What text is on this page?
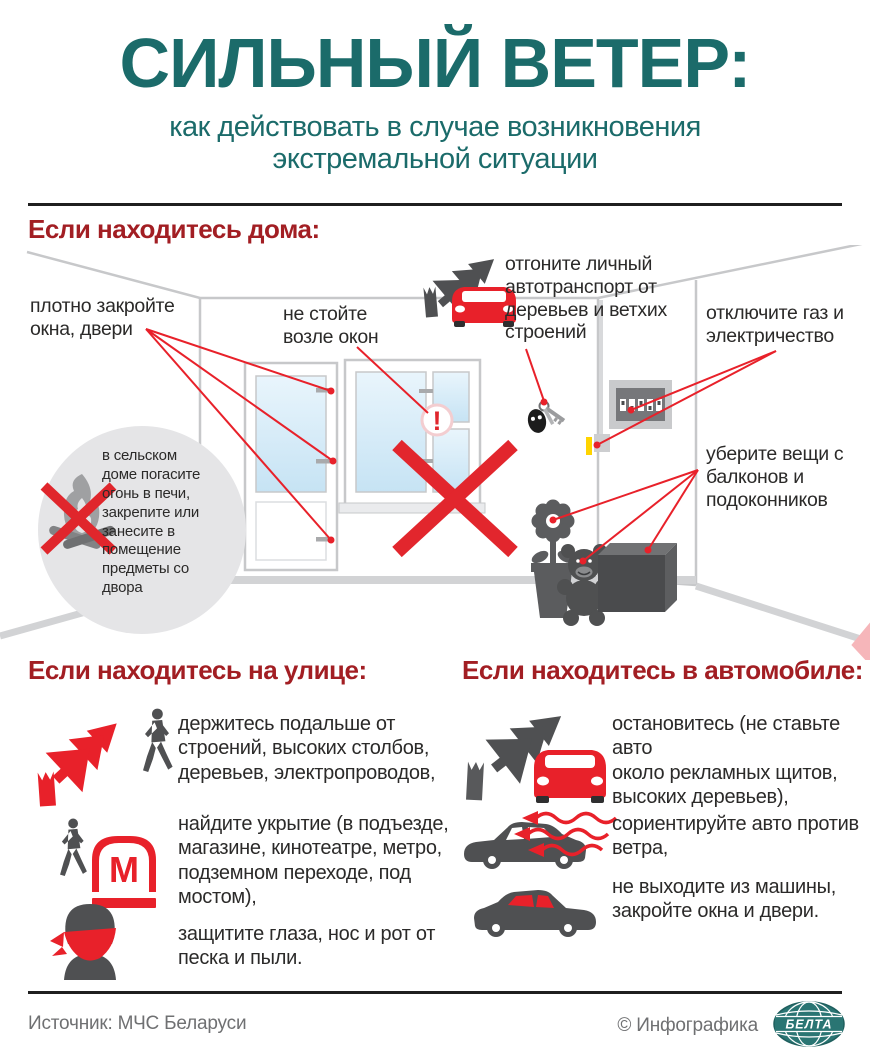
СИЛЬНЫЙ ВЕТЕР:
как действовать в случае возникновения
экстремальной ситуации
Если находитесь дома:
!
плотно закройте
окна, двери
не стойте
возле окон
отгоните личный
автотранспорт от
деревьев и ветхих
строений
отключите газ и
электричество
уберите вещи с
балконов и
подоконников
в сельском
доме погасите
огонь в печи,
закрепите или
занесите в
помещение
предметы со
двора
Если находитесь на улице:
держитесь подальше от
строений, высоких столбов,
деревьев, электропроводов,
М
найдите укрытие (в подъезде,
магазине, кинотеатре, метро,
подземном переходе, под
мостом),
защитите глаза, нос и рот от
песка и пыли.
Если находитесь в автомобиле:
остановитесь (не ставьте авто
около рекламных щитов,
высоких деревьев),
сориентируйте авто против
ветра,
не выходите из машины,
закройте окна и двери.
Источник: МЧС Беларуси	© Инфографика БЕЛТА
